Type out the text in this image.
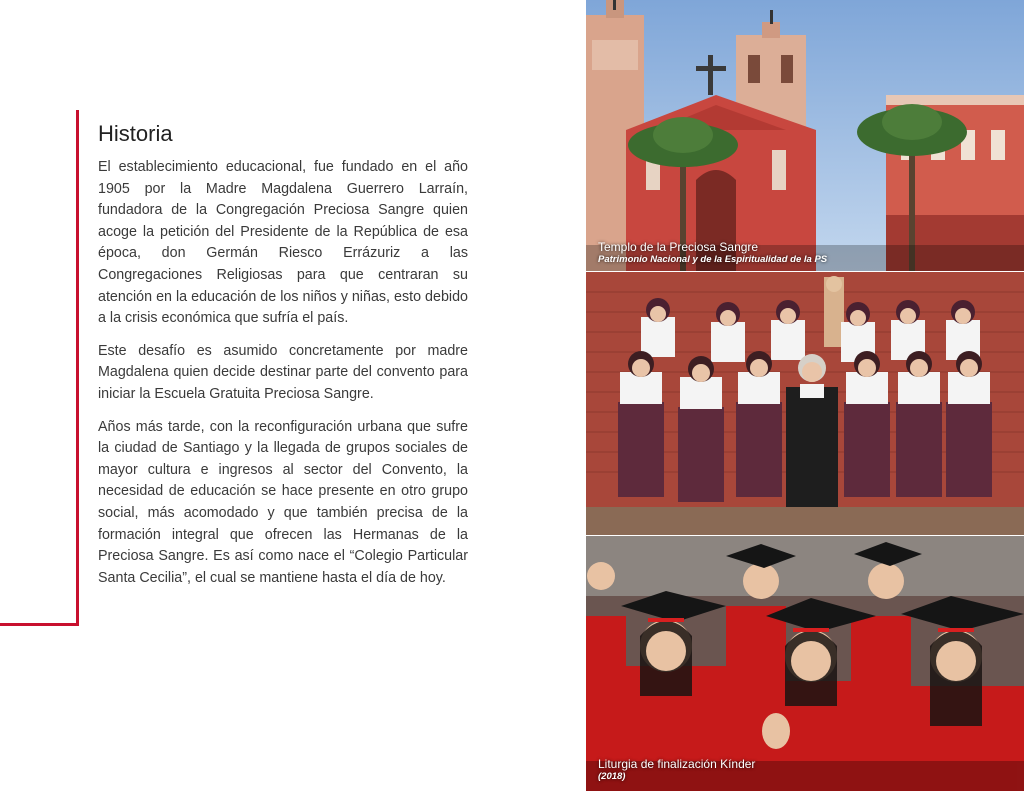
Historia

El establecimiento educacional, fue fundado en el año 1905 por la Madre Magdalena Guerrero Larraín, fundadora de la Congregación Preciosa Sangre quien acoge la petición del Presidente de la República de esa época, don Germán Riesco Errázuriz a las Congregaciones Religiosas para que centraran su atención en la educación de los niños y niñas, esto debido a la crisis económica que sufría el país.

Este desafío es asumido concretamente por madre Magdalena quien decide destinar parte del convento para iniciar la Escuela Gratuita Preciosa Sangre.

Años más tarde, con la reconfiguración urbana que sufre la ciudad de Santiago y la llegada de grupos sociales de mayor cultura e ingresos al sector del Convento, la necesidad de educación se hace presente en otro grupo social, más acomodado y que también precisa de la formación integral que ofrecen las Hermanas de la Preciosa Sangre. Es así como nace el “Colegio Particular Santa Cecilia”, el cual se mantiene hasta el día de hoy.

Templo de la Preciosa Sangre
Patrimonio Nacional y de la Espiritualidad de la PS
Liturgia de finalización Kínder
(2018)
